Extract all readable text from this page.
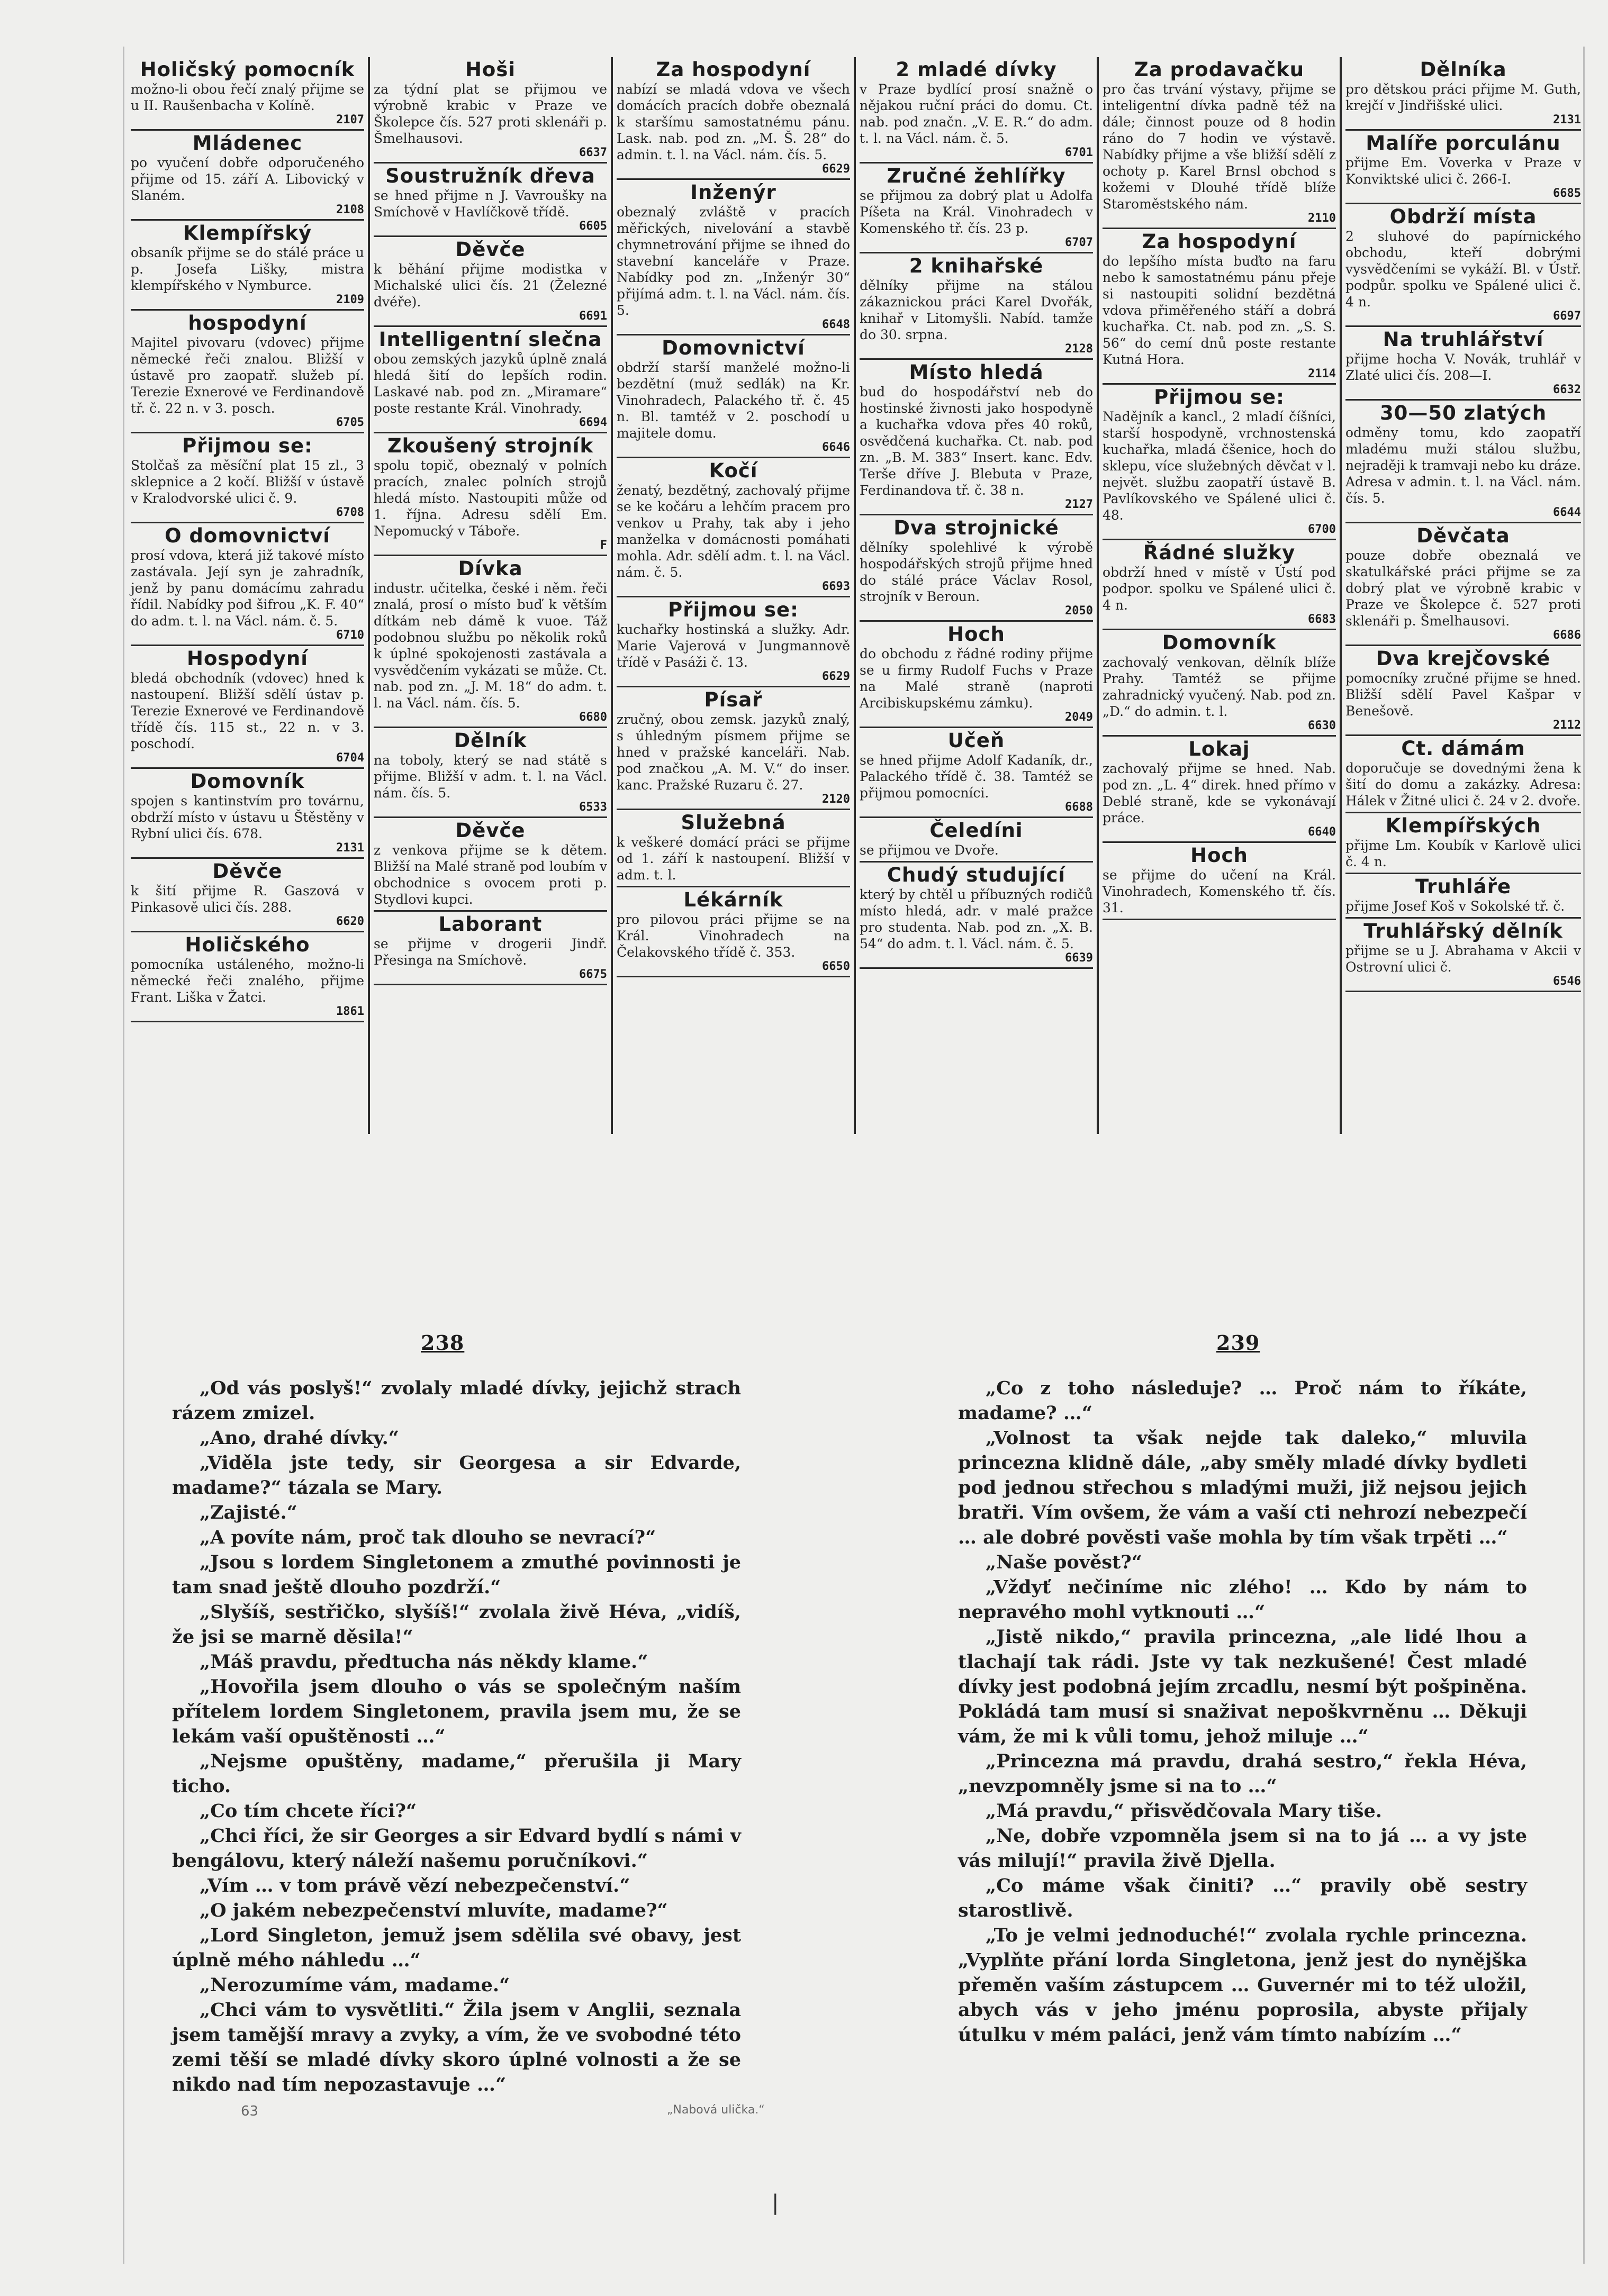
Holičský pomocník
možno-li obou řečí znalý přijme se u II. Raušenbacha v Kolíně.
2107
Mládenec
po vyučení dobře odporučeného přijme od 15. září A. Libovický v Slaném.
2108
Klempířský
obsaník přijme se do stálé práce u p. Josefa Lišky, mistra klempířského v Nymburce.
2109
hospodyní
Majitel pivovaru (vdovec) přijme německé řeči znalou. Bližší v ústavě pro zaopatř. služeb pí. Terezie Exnerové ve Ferdinandově tř. č. 22 n. v 3. posch.
6705
Přijmou se:
Stolčaš za měsíční plat 15 zl., 3 sklepnice a 2 kočí. Bližší v ústavě v Kralodvorské ulici č. 9.
6708
O domovnictví
prosí vdova, která již takové místo zastávala. Její syn je zahradník, jenž by panu domácímu zahradu řídil. Nabídky pod šifrou „K. F. 40“ do adm. t. l. na Václ. nám. č. 5.
6710
Hospodyní
bledá obchodník (vdovec) hned k nastoupení. Bližší sdělí ústav p. Terezie Exnerové ve Ferdinandově třídě čís. 115 st., 22 n. v 3. poschodí.
6704
Domovník
spojen s kantinstvím pro továrnu, obdrží místo v ústavu u Štěstěny v Rybní ulici čís. 678.
2131
Děvče
k šití přijme R. Gaszová v Pinkasově ulici čís. 288.
6620
Holičského
pomocníka ustáleného, možno-li německé řeči znalého, přijme Frant. Liška v Žatci.
1861
Hoši
za týdní plat se přijmou ve výrobně krabic v Praze ve Školepce čís. 527 proti sklenáři p. Šmelhausovi.
6637
Soustružník dřeva
se hned přijme n J. Vavroušky na Smíchově v Havlíčkově třídě.
6605
Děvče
k běhání přijme modistka v Michalské ulici čís. 21 (Železné dvéře).
6691
Intelligentní slečna
obou zemských jazyků úplně znalá hledá šití do lepších rodin. Laskavé nab. pod zn. „Miramare“ poste restante Král. Vinohrady.
6694
Zkoušený strojník
spolu topič, obeznalý v polních pracích, znalec polních strojů hledá místo. Nastoupiti může od 1. října. Adresu sdělí Em. Nepomucký v Táboře.
F
Dívka
industr. učitelka, české i něm. řeči znalá, prosí o místo buď k větším dítkám neb dámě k vuoe. Táž podobnou službu po několik roků k úplné spokojenosti zastávala a vysvědčením vykázati se může. Ct. nab. pod zn. „J. M. 18“ do adm. t. l. na Václ. nám. čís. 5.
6680
Dělník
na toboly, který se nad státě s přijme. Bližší v adm. t. l. na Václ. nám. čís. 5.
6533
Děvče
z venkova přijme se k dětem. Bližší na Malé straně pod loubím v obchodnice s ovocem proti p. Stydlovi kupci.
Laborant
se přijme v drogerii Jindř. Přesinga na Smíchově.
6675
Za hospodyní
nabízí se mladá vdova ve všech domácích pracích dobře obeznalá k staršímu samostatnému pánu. Lask. nab. pod zn. „M. Š. 28“ do admin. t. l. na Václ. nám. čís. 5.
6629
Inženýr
obeznalý zvláště v pracích měřických, nivelování a stavbě chymnetrování přijme se ihned do stavební kanceláře v Praze. Nabídky pod zn. „Inženýr 30“ přijímá adm. t. l. na Václ. nám. čís. 5.
6648
Domovnictví
obdrží starší manželé možno-li bezdětní (muž sedlák) na Kr. Vinohradech, Palackého tř. č. 45 n. Bl. tamtéž v 2. poschodí u majitele domu.
6646
Kočí
ženatý, bezdětný, zachovalý přijme se ke kočáru a lehčím pracem pro venkov u Prahy, tak aby i jeho manželka v domácnosti pomáhati mohla. Adr. sdělí adm. t. l. na Václ. nám. č. 5.
6693
Přijmou se:
kuchařky hostinská a služky. Adr. Marie Vajerová v Jungmannově třídě v Pasáži č. 13.
6629
Písař
zručný, obou zemsk. jazyků znalý, s úhledným písmem přijme se hned v pražské kanceláři. Nab. pod značkou „A. M. V.“ do inser. kanc. Pražské Ruzaru č. 27.
2120
Služebná
k veškeré domácí práci se přijme od 1. září k nastoupení. Bližší v adm. t. l.
Lékárník
pro pilovou práci přijme se na Král. Vinohradech na Čelakovského třídě č. 353.
6650
2 mladé dívky
v Praze bydlící prosí snažně o nějakou ruční práci do domu. Ct. nab. pod značn. „V. E. R.“ do adm. t. l. na Václ. nám. č. 5.
6701
Zručné žehlířky
se přijmou za dobrý plat u Adolfa Píšeta na Král. Vinohradech v Komenského tř. čís. 23 p.
6707
2 knihařské
dělníky přijme na stálou zákaznickou práci Karel Dvořák, knihař v Litomyšli. Nabíd. tamže do 30. srpna.
2128
Místo hledá
bud do hospodářství neb do hostinské živnosti jako hospodyně a kuchařka vdova přes 40 roků, osvědčená kuchařka. Ct. nab. pod zn. „B. M. 383“ Insert. kanc. Edv. Terše dříve J. Blebuta v Praze, Ferdinandova tř. č. 38 n.
2127
Dva strojnické
dělníky spolehlivé k výrobě hospodářských strojů přijme hned do stálé práce Václav Rosol, strojník v Beroun.
2050
Hoch
do obchodu z řádné rodiny přijme se u firmy Rudolf Fuchs v Praze na Malé straně (naproti Arcibiskupskému zámku).
2049
Učeň
se hned přijme Adolf Kadaník, dr., Palackého třídě č. 38. Tamtéž se přijmou pomocníci.
6688
Čeledíni
se přijmou ve Dvoře.
Chudý studující
který by chtěl u příbuzných rodičů místo hledá, adr. v malé pražce pro studenta. Nab. pod zn. „X. B. 54“ do adm. t. l. Václ. nám. č. 5.
6639
Za prodavačku
pro čas trvání výstavy, přijme se inteligentní dívka padně též na dále; činnost pouze od 8 hodin ráno do 7 hodin ve výstavě. Nabídky přijme a vše bližší sdělí z ochoty p. Karel Brnsl obchod s kožemi v Dlouhé třídě blíže Staroměstského nám.
2110
Za hospodyní
do lepšího místa buďto na faru nebo k samostatnému pánu přeje si nastoupiti solidní bezdětná vdova přiměřeného stáří a dobrá kuchařka. Ct. nab. pod zn. „S. S. 56“ do cemí dnů poste restante Kutná Hora.
2114
Přijmou se:
Nadějník a kancl., 2 mladí číšníci, starší hospodyně, vrchnostenská kuchařka, mladá čšenice, hoch do sklepu, více služebných děvčat v l. největ. službu zaopatří ústavě B. Pavlíkovského ve Spálené ulici č. 48.
6700
Řádné služky
obdrží hned v místě v Ústí pod podpor. spolku ve Spálené ulici č. 4 n.
6683
Domovník
zachovalý venkovan, dělník blíže Prahy. Tamtéž se přijme zahradnický vyučený. Nab. pod zn. „D.“ do admin. t. l.
6630
Lokaj
zachovalý přijme se hned. Nab. pod zn. „L. 4“ direk. hned přímo v Deblé straně, kde se vykonávají práce.
6640
Hoch
se přijme do učení na Král. Vinohradech, Komenského tř. čís. 31.
Dělníka
pro dětskou práci přijme M. Guth, krejčí v Jindřišské ulici.
2131
Malíře porculánu
přijme Em. Voverka v Praze v Konviktské ulici č. 266-I.
6685
Obdrží místa
2 sluhové do papírnického obchodu, kteří dobrými vysvědčeními se vykáží. Bl. v Ústř. podpůr. spolku ve Spálené ulici č. 4 n.
6697
Na truhlářství
přijme hocha V. Novák, truhlář v Zlaté ulici čís. 208—I.
6632
30—50 zlatých
odměny tomu, kdo zaopatří mladému muži stálou službu, nejraději k tramvaji nebo ku dráze. Adresa v admin. t. l. na Václ. nám. čís. 5.
6644
Děvčata
pouze dobře obeznalá ve skatulkářské práci přijme se za dobrý plat ve výrobně krabic v Praze ve Školepce č. 527 proti sklenáři p. Šmelhausovi.
6686
Dva krejčovské
pomocníky zručné přijme se hned. Bližší sdělí Pavel Kašpar v Benešově.
2112
Ct. dámám
doporučuje se dovednými žena k šití do domu a zakázky. Adresa: Hálek v Žitné ulici č. 24 v 2. dvoře.
Klempířských
přijme Lm. Koubík v Karlově ulici č. 4 n.
Truhláře
přijme Josef Koš v Sokolské tř. č.
Truhlářský dělník
přijme se u J. Abrahama v Akcii v Ostrovní ulici č.
6546
238	239

„Od vás poslyš!“ zvolaly mladé dívky, jejichž strach rázem zmizel.

„Ano, drahé dívky.“

„Viděla jste tedy, sir Georgesa a sir Edvarde, madame?“ tázala se Mary.

„Zajisté.“

„A povíte nám, proč tak dlouho se nevrací?“

„Jsou s lordem Singletonem a zmuthé povinnosti je tam snad ještě dlouho pozdrží.“

„Slyšíš, sestřičko, slyšíš!“ zvolala živě Héva, „vidíš, že jsi se marně děsila!“

„Máš pravdu, předtucha nás někdy klame.“

„Hovořila jsem dlouho o vás se společným naším přítelem lordem Singletonem, pravila jsem mu, že se lekám vaší opuštěnosti …“

„Nejsme opuštěny, madame,“ přerušila ji Mary ticho.

„Co tím chcete říci?“

„Chci říci, že sir Georges a sir Edvard bydlí s námi v bengálovu, který náleží našemu poručníkovi.“

„Vím … v tom právě vězí nebezpečenství.“

„O jakém nebezpečenství mluvíte, madame?“

„Lord Singleton, jemuž jsem sdělila své obavy, jest úplně mého náhledu …“

„Nerozumíme vám, madame.“

„Chci vám to vysvětliti.“ Žila jsem v Anglii, seznala jsem tamější mravy a zvyky, a vím, že ve svobodné této zemi těší se mladé dívky skoro úplné volnosti a že se nikdo nad tím nepozastavuje …“

„Co z toho následuje? … Proč nám to říkáte, madame? …“

„Volnost ta však nejde tak daleko,“ mluvila princezna klidně dále, „aby směly mladé dívky bydleti pod jednou střechou s mladými muži, již nejsou jejich bratři. Vím ovšem, že vám a vaší cti nehrozí nebezpečí … ale dobré pověsti vaše mohla by tím však trpěti …“

„Naše pověst?“

„Vždyť nečiníme nic zlého! … Kdo by nám to nepravého mohl vytknouti …“

„Jistě nikdo,“ pravila princezna, „ale lidé lhou a tlachají tak rádi. Jste vy tak nezkušené! Čest mladé dívky jest podobná jejím zrcadlu, nesmí být pošpiněna. Pokládá tam musí si snaživat nepoškvrněnu … Děkuji vám, že mi k vůli tomu, jehož miluje …“

„Princezna má pravdu, drahá sestro,“ řekla Héva, „nevzpomněly jsme si na to …“

„Má pravdu,“ přisvědčovala Mary tiše.

„Ne, dobře vzpomněla jsem si na to já … a vy jste vás milují!“ pravila živě Djella.

„Co máme však činiti? …“ pravily obě sestry starostlivě.

„To je velmi jednoduché!“ zvolala rychle princezna. „Vyplňte přání lorda Singletona, jenž jest do nynějška přeměn vaším zástupcem … Guvernér mi to též uložil, abych vás v jeho jménu poprosila, abyste přijaly útulku v mém paláci, jenž vám tímto nabízím …“

63	„Nabová ulička.“
|
